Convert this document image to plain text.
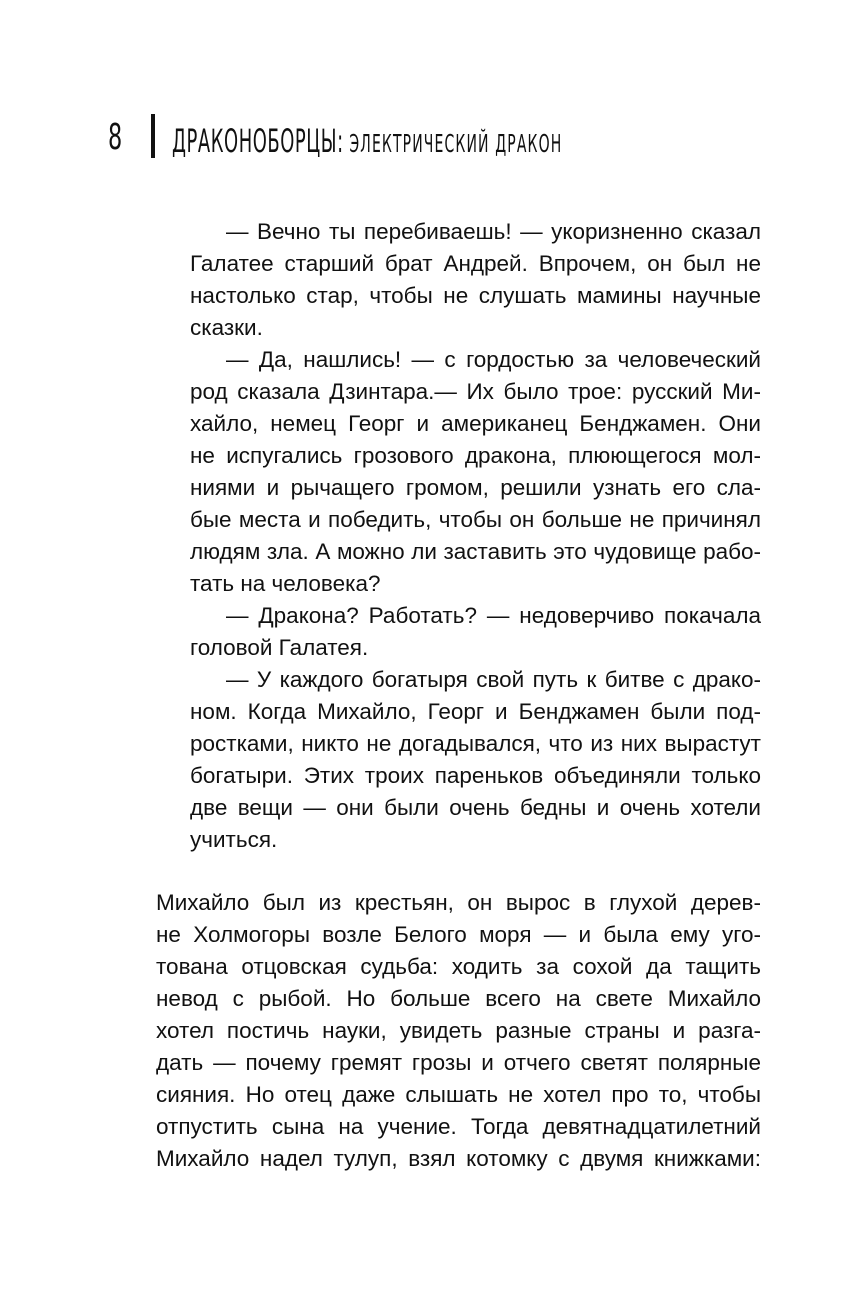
8 ДРАКОНОБОРЦЫ: ЭЛЕКТРИЧЕСКИЙ ДРАКОН
— Вечно ты перебиваешь! — укоризненно сказал
Галатее старший брат Андрей. Впрочем, он был не
настолько стар, чтобы не слушать мамины научные
сказки.
— Да, нашлись! — с гордостью за человеческий
род сказала Дзинтара.— Их было трое: русский Ми-
хайло, немец Георг и американец Бенджамен. Они
не испугались грозового дракона, плюющегося мол-
ниями и рычащего громом, решили узнать его сла-
бые места и победить, чтобы он больше не причинял
людям зла. А можно ли заставить это чудовище рабо-
тать на человека?
— Дракона? Работать? — недоверчиво покачала
головой Галатея.
— У каждого богатыря свой путь к битве с драко-
ном. Когда Михайло, Георг и Бенджамен были под-
ростками, никто не догадывался, что из них вырастут
богатыри. Этих троих пареньков объединяли только
две вещи — они были очень бедны и очень хотели
учиться.
Михайло был из крестьян, он вырос в глухой дерев-
не Холмогоры возле Белого моря — и была ему уго-
тована отцовская судьба: ходить за сохой да тащить
невод с рыбой. Но больше всего на свете Михайло
хотел постичь науки, увидеть разные страны и разга-
дать — почему гремят грозы и отчего светят полярные
сияния. Но отец даже слышать не хотел про то, чтобы
отпустить сына на учение. Тогда девятнадцатилетний
Михайло надел тулуп, взял котомку с двумя книжками:
